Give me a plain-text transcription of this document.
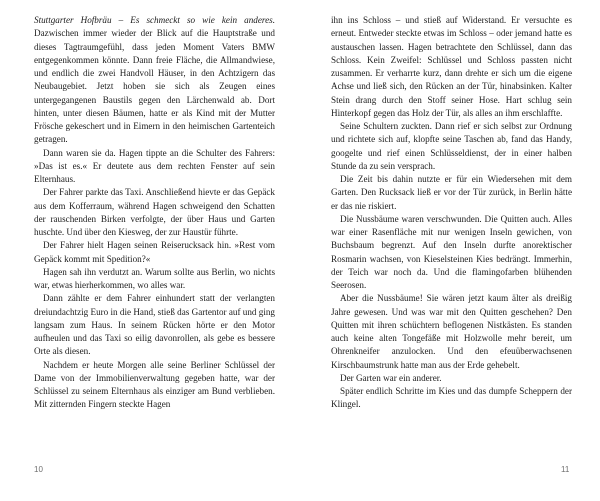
Stuttgarter Hofbräu – Es schmeckt so wie kein anderes. Dazwischen immer wieder der Blick auf die Hauptstraße und dieses Tagtraumgefühl, dass jeden Moment Vaters BMW entgegenkommen könnte. Dann freie Fläche, die Allmandwiese, und endlich die zwei Handvoll Häuser, in den Achtzigern das Neubaugebiet. Jetzt hoben sie sich als Zeugen eines untergegangenen Baustils gegen den Lärchenwald ab. Dort hinten, unter diesen Bäumen, hatte er als Kind mit der Mutter Frösche gekeschert und in Eimern in den heimischen Gartenteich getragen.

Dann waren sie da. Hagen tippte an die Schulter des Fahrers: »Das ist es.« Er deutete aus dem rechten Fenster auf sein Elternhaus.

Der Fahrer parkte das Taxi. Anschließend hievte er das Gepäck aus dem Kofferraum, während Hagen schweigend den Schatten der rauschenden Birken verfolgte, der über Haus und Garten huschte. Und über den Kiesweg, der zur Haustür führte.

Der Fahrer hielt Hagen seinen Reiserucksack hin. »Rest vom Gepäck kommt mit Spedition?«

Hagen sah ihn verdutzt an. Warum sollte aus Berlin, wo nichts war, etwas hierherkommen, wo alles war.

Dann zählte er dem Fahrer einhundert statt der verlangten dreiundachtzig Euro in die Hand, stieß das Gartentor auf und ging langsam zum Haus. In seinem Rücken hörte er den Motor aufheulen und das Taxi so eilig davonrollen, als gebe es bessere Orte als diesen.

Nachdem er heute Morgen alle seine Berliner Schlüssel der Dame von der Immobilienverwaltung gegeben hatte, war der Schlüssel zu seinem Elternhaus als einziger am Bund verblieben. Mit zitternden Fingern steckte Hagen

ihn ins Schloss – und stieß auf Widerstand. Er versuchte es erneut. Entweder steckte etwas im Schloss – oder jemand hatte es austauschen lassen. Hagen betrachtete den Schlüssel, dann das Schloss. Kein Zweifel: Schlüssel und Schloss passten nicht zusammen. Er verharrte kurz, dann drehte er sich um die eigene Achse und ließ sich, den Rücken an der Tür, hinabsinken. Kalter Stein drang durch den Stoff seiner Hose. Hart schlug sein Hinterkopf gegen das Holz der Tür, als alles an ihm erschlaffte.

Seine Schultern zuckten. Dann rief er sich selbst zur Ordnung und richtete sich auf, klopfte seine Taschen ab, fand das Handy, googelte und rief einen Schlüsseldienst, der in einer halben Stunde da zu sein versprach.

Die Zeit bis dahin nutzte er für ein Wiedersehen mit dem Garten. Den Rucksack ließ er vor der Tür zurück, in Berlin hätte er das nie riskiert.

Die Nussbäume waren verschwunden. Die Quitten auch. Alles war einer Rasenfläche mit nur wenigen Inseln gewichen, von Buchsbaum begrenzt. Auf den Inseln durfte anorektischer Rosmarin wachsen, von Kieselsteinen Kies bedrängt. Immerhin, der Teich war noch da. Und die flamingofarben blühenden Seerosen.

Aber die Nussbäume! Sie wären jetzt kaum älter als dreißig Jahre gewesen. Und was war mit den Quitten geschehen? Den Quitten mit ihren schüchtern beflogenen Nistkästen. Es standen auch keine alten Tongefäße mit Holzwolle mehr bereit, um Ohrenkneifer anzulocken. Und den efeuüberwachsenen Kirschbaumstrunk hatte man aus der Erde gehebelt.

Der Garten war ein anderer.

Später endlich Schritte im Kies und das dumpfe Scheppern der Klingel.

10	11
